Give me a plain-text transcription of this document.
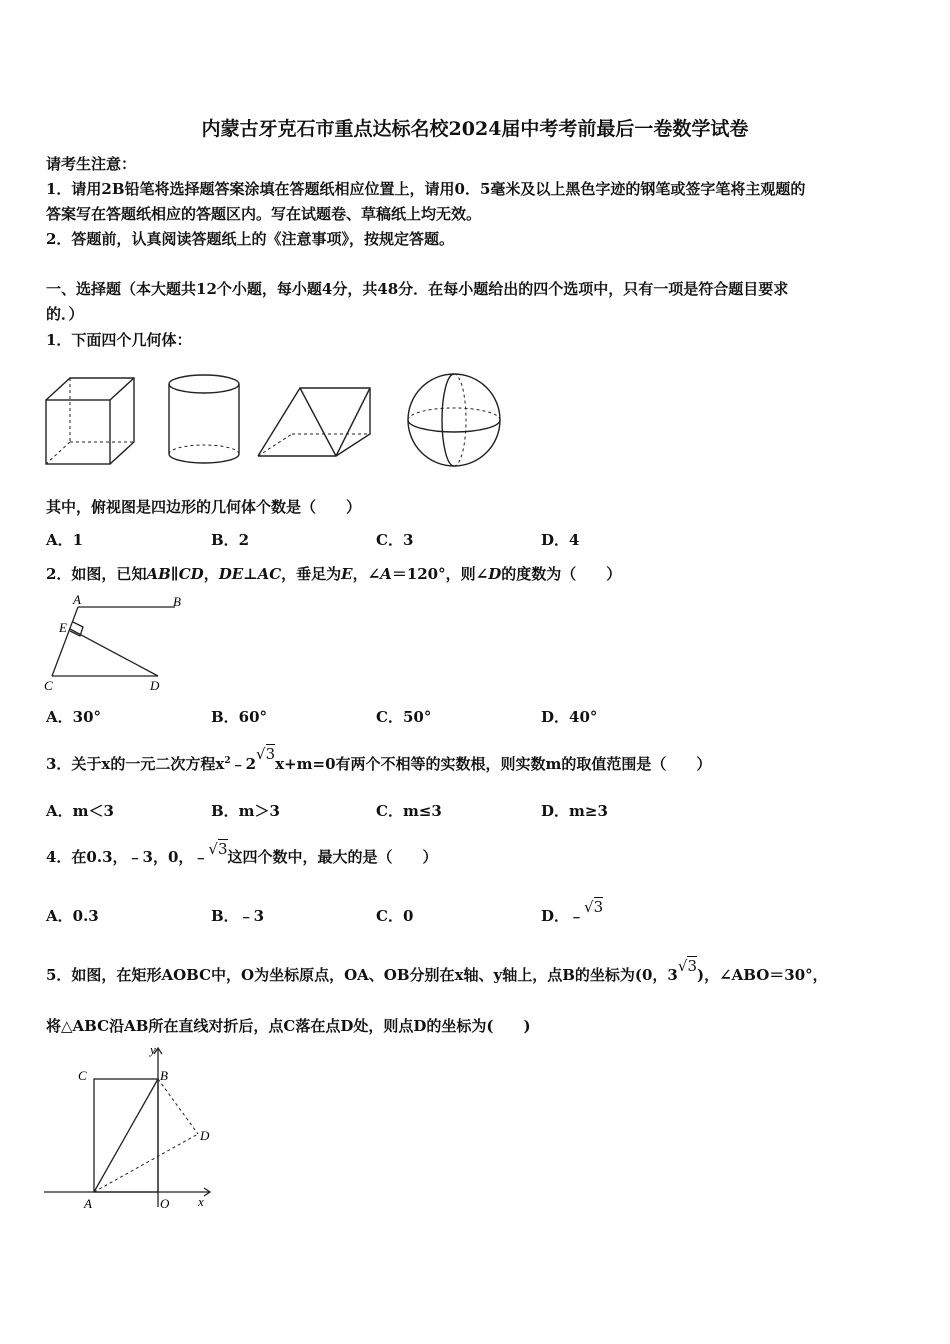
内蒙古牙克石市重点达标名校2024届中考考前最后一卷数学试卷
请考生注意：
1．请用2B铅笔将选择题答案涂填在答题纸相应位置上，请用0．5毫米及以上黑色字迹的钢笔或签字笔将主观题的
答案写在答题纸相应的答题区内。写在试题卷、草稿纸上均无效。
2．答题前，认真阅读答题纸上的《注意事项》，按规定答题。
一、选择题（本大题共12个小题，每小题4分，共48分．在每小题给出的四个选项中，只有一项是符合题目要求
的．）
1．下面四个几何体：
其中，俯视图是四边形的几何体个数是（　　）
A．1	B．2	C．3	D．4
2．如图，已知AB∥CD，DE⊥AC，垂足为E，∠A＝120°，则∠D的度数为（　　）
A	B
E
C	D
A．30°	B．60°	C．50°	D．40°
3．关于x的一元二次方程$x^2﹣2√3x+m=0$有两个不相等的实数根，则实数m的取值范围是（　　）
A．m＜3	B．m＞3	C．m≤3	D．m≥3
4．在0.3，﹣3，0，﹣√3这四个数中，最大的是（　　）
A．0.3	B．﹣3	C．0	D．﹣√3
5．如图，在矩形AOBC中，O为坐标原点，OA、OB分别在x轴、y轴上，点B的坐标为(0，3√3)，∠ABO＝30°，
将△ABC沿AB所在直线对折后，点C落在点D处，则点D的坐标为(　　)
y
C	B
D
A	O x
